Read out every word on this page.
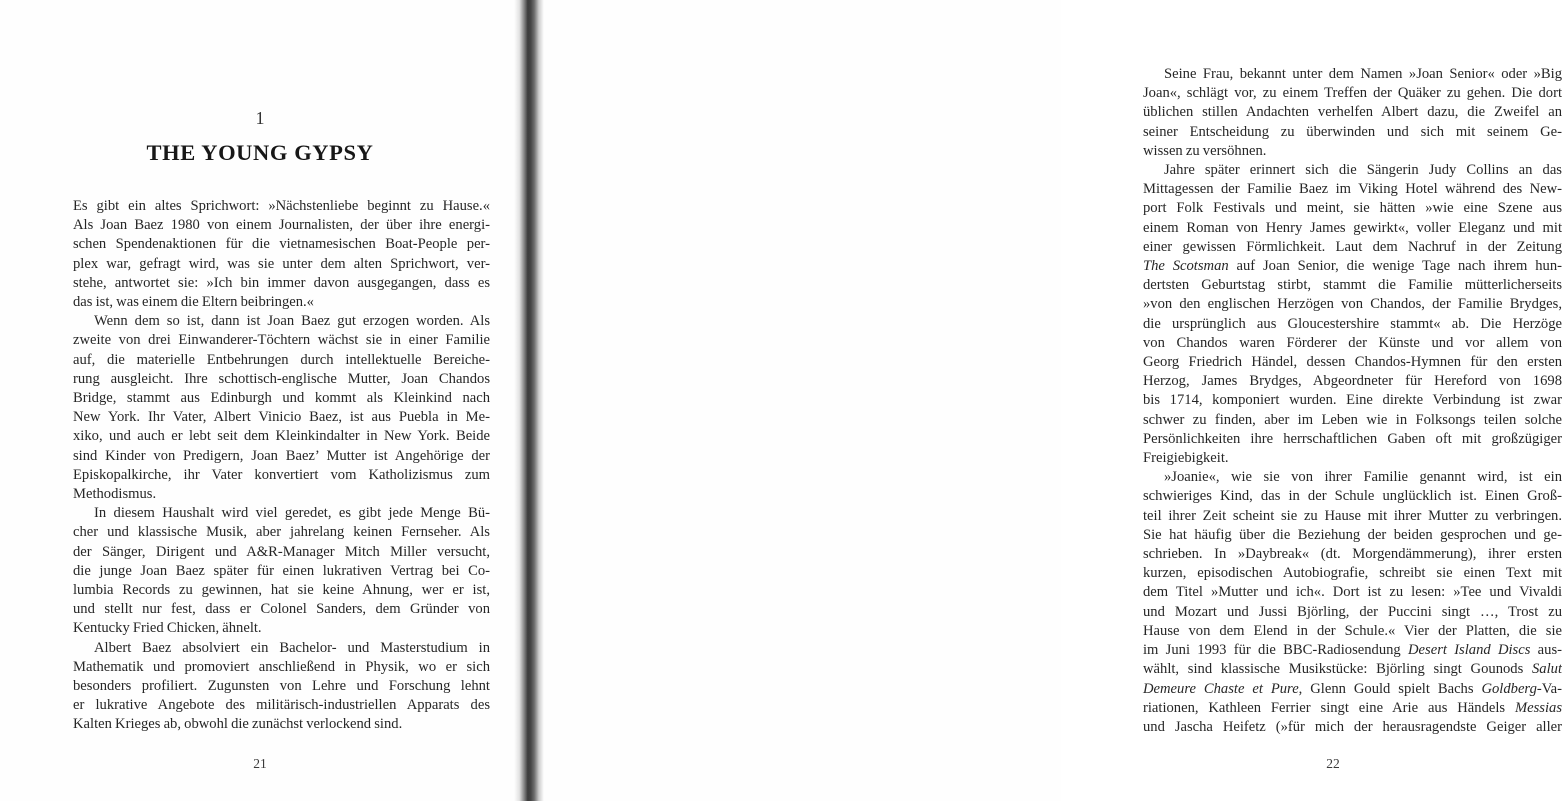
1
THE YOUNG GYPSY
Es gibt ein altes Sprichwort: »Nächstenliebe beginnt zu Hause.«
Als Joan Baez 1980 von einem Journalisten, der über ihre energi-
schen Spendenaktionen für die vietnamesischen Boat-People per-
plex war, gefragt wird, was sie unter dem alten Sprichwort, ver-
stehe, antwortet sie: »Ich bin immer davon ausgegangen, dass es
das ist, was einem die Eltern beibringen.«
Wenn dem so ist, dann ist Joan Baez gut erzogen worden. Als
zweite von drei Einwanderer-Töchtern wächst sie in einer Familie
auf, die materielle Entbehrungen durch intellektuelle Bereiche-
rung ausgleicht. Ihre schottisch-englische Mutter, Joan Chandos
Bridge, stammt aus Edinburgh und kommt als Kleinkind nach
New York. Ihr Vater, Albert Vinicio Baez, ist aus Puebla in Me-
xiko, und auch er lebt seit dem Kleinkindalter in New York. Beide
sind Kinder von Predigern, Joan Baez’ Mutter ist Angehörige der
Episkopalkirche, ihr Vater konvertiert vom Katholizismus zum
Methodismus.
In diesem Haushalt wird viel geredet, es gibt jede Menge Bü-
cher und klassische Musik, aber jahrelang keinen Fernseher. Als
der Sänger, Dirigent und A&R-Manager Mitch Miller versucht,
die junge Joan Baez später für einen lukrativen Vertrag bei Co-
lumbia Records zu gewinnen, hat sie keine Ahnung, wer er ist,
und stellt nur fest, dass er Colonel Sanders, dem Gründer von
Kentucky Fried Chicken, ähnelt.
Albert Baez absolviert ein Bachelor- und Masterstudium in
Mathematik und promoviert anschließend in Physik, wo er sich
besonders profiliert. Zugunsten von Lehre und Forschung lehnt
er lukrative Angebote des militärisch-industriellen Apparats des
Kalten Krieges ab, obwohl die zunächst verlockend sind.
21
Seine Frau, bekannt unter dem Namen »Joan Senior« oder »Big
Joan«, schlägt vor, zu einem Treffen der Quäker zu gehen. Die dort
üblichen stillen Andachten verhelfen Albert dazu, die Zweifel an
seiner Entscheidung zu überwinden und sich mit seinem Ge-
wissen zu versöhnen.
Jahre später erinnert sich die Sängerin Judy Collins an das
Mittagessen der Familie Baez im Viking Hotel während des New-
port Folk Festivals und meint, sie hätten »wie eine Szene aus
einem Roman von Henry James gewirkt«, voller Eleganz und mit
einer gewissen Förmlichkeit. Laut dem Nachruf in der Zeitung
The Scotsman auf Joan Senior, die wenige Tage nach ihrem hun-
dertsten Geburtstag stirbt, stammt die Familie mütterlicherseits
»von den englischen Herzögen von Chandos, der Familie Brydges,
die ursprünglich aus Gloucestershire stammt« ab. Die Herzöge
von Chandos waren Förderer der Künste und vor allem von
Georg Friedrich Händel, dessen Chandos-Hymnen für den ersten
Herzog, James Brydges, Abgeordneter für Hereford von 1698
bis 1714, komponiert wurden. Eine direkte Verbindung ist zwar
schwer zu finden, aber im Leben wie in Folksongs teilen solche
Persönlichkeiten ihre herrschaftlichen Gaben oft mit großzügiger
Freigiebigkeit.
»Joanie«, wie sie von ihrer Familie genannt wird, ist ein
schwieriges Kind, das in der Schule unglücklich ist. Einen Groß-
teil ihrer Zeit scheint sie zu Hause mit ihrer Mutter zu verbringen.
Sie hat häufig über die Beziehung der beiden gesprochen und ge-
schrieben. In »Daybreak« (dt. Morgendämmerung), ihrer ersten
kurzen, episodischen Autobiografie, schreibt sie einen Text mit
dem Titel »Mutter und ich«. Dort ist zu lesen: »Tee und Vivaldi
und Mozart und Jussi Björling, der Puccini singt …, Trost zu
Hause von dem Elend in der Schule.« Vier der Platten, die sie
im Juni 1993 für die BBC-Radiosendung Desert Island Discs aus-
wählt, sind klassische Musikstücke: Björling singt Gounods Salut
Demeure Chaste et Pure, Glenn Gould spielt Bachs Goldberg-Va-
riationen, Kathleen Ferrier singt eine Arie aus Händels Messias
und Jascha Heifetz (»für mich der herausragendste Geiger aller
22
